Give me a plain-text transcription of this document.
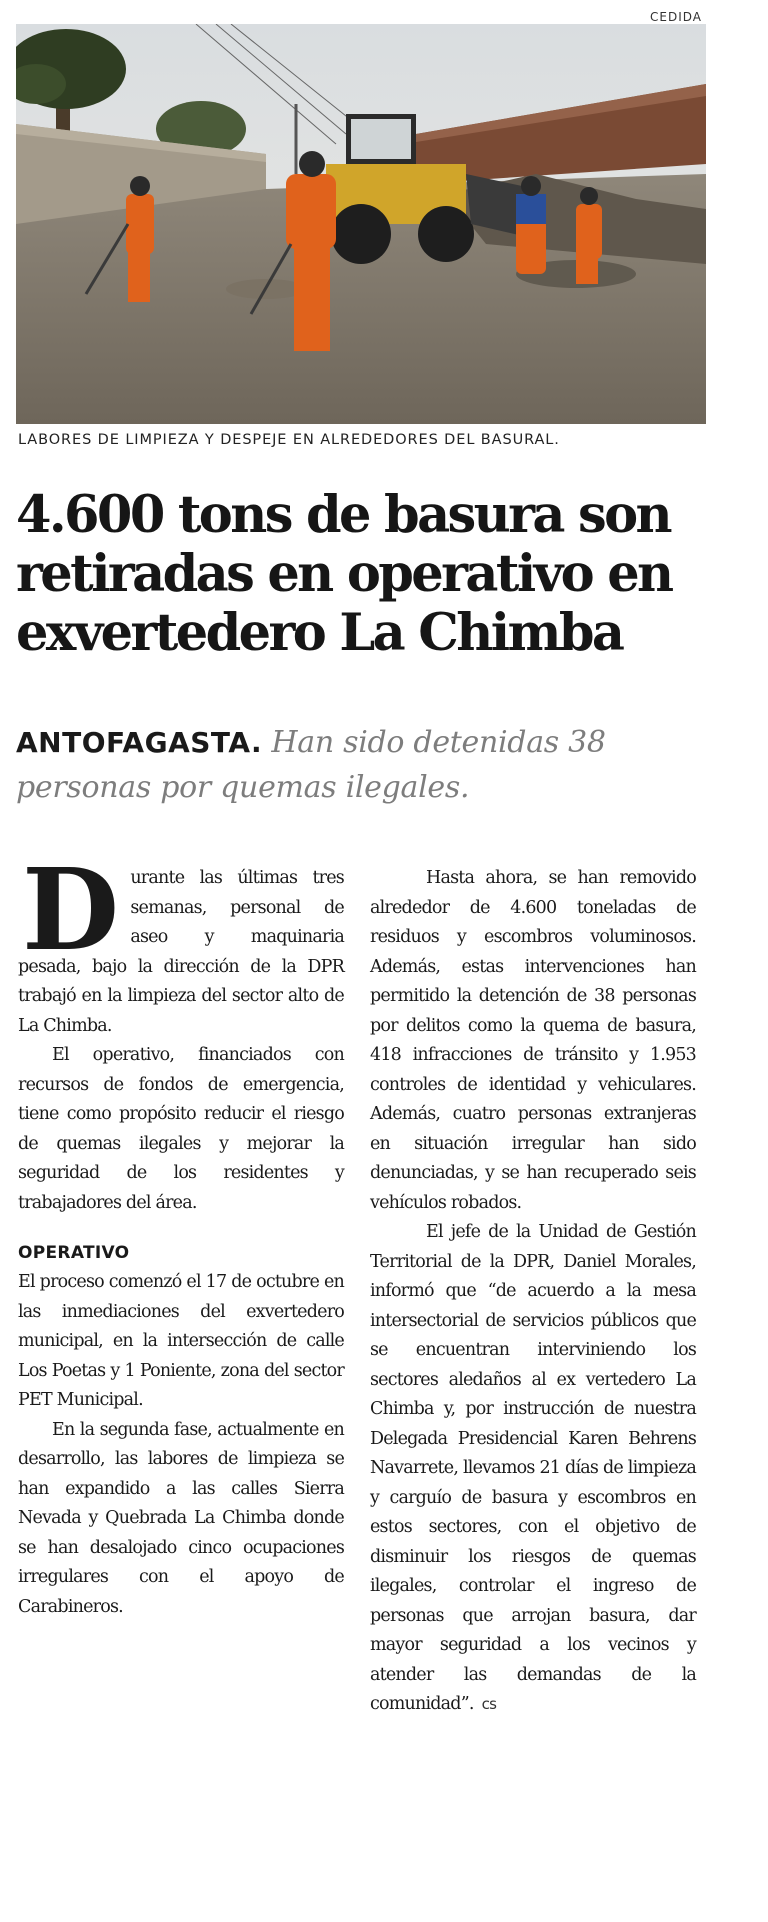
CEDIDA
LABORES DE LIMPIEZA Y DESPEJE EN ALREDEDORES DEL BASURAL.
4.600 tons de basura son retiradas en operativo en exvertedero La Chimba

ANTOFAGASTA. Han sido detenidas 38 personas por quemas ilegales.

Durante las últimas tres semanas, personal de aseo y maquinaria pesada, bajo la dirección de la DPR trabajó en la limpieza del sector alto de La Chimba.

El operativo, financiados con recursos de fondos de emergencia, tiene como propósito reducir el riesgo de quemas ilegales y mejorar la seguridad de los residentes y trabajadores del área.

OPERATIVO

El proceso comenzó el 17 de octubre en las inmediaciones del exvertedero municipal, en la intersección de calle Los Poetas y 1 Poniente, zona del sector PET Municipal.

En la segunda fase, actualmente en desarrollo, las labores de limpieza se han expandido a las calles Sierra Nevada y Quebrada La Chimba donde se han desalojado cinco ocupaciones irregulares con el apoyo de Carabineros.

Hasta ahora, se han removido alrededor de 4.600 toneladas de residuos y escombros voluminosos. Además, estas intervenciones han permitido la detención de 38 personas por delitos como la quema de basura, 418 infracciones de tránsito y 1.953 controles de identidad y vehiculares. Además, cuatro personas extranjeras en situación irregular han sido denunciadas, y se han recuperado seis vehículos robados.

El jefe de la Unidad de Gestión Territorial de la DPR, Daniel Morales, informó que “de acuerdo a la mesa intersectorial de servicios públicos que se encuentran interviniendo los sectores aledaños al ex vertedero La Chimba y, por instrucción de nuestra Delegada Presidencial Karen Behrens Navarrete, llevamos 21 días de limpieza y carguío de basura y escombros en estos sectores, con el objetivo de disminuir los riesgos de quemas ilegales, controlar el ingreso de personas que arrojan basura, dar mayor seguridad a los vecinos y atender las demandas de la comunidad”. cs
